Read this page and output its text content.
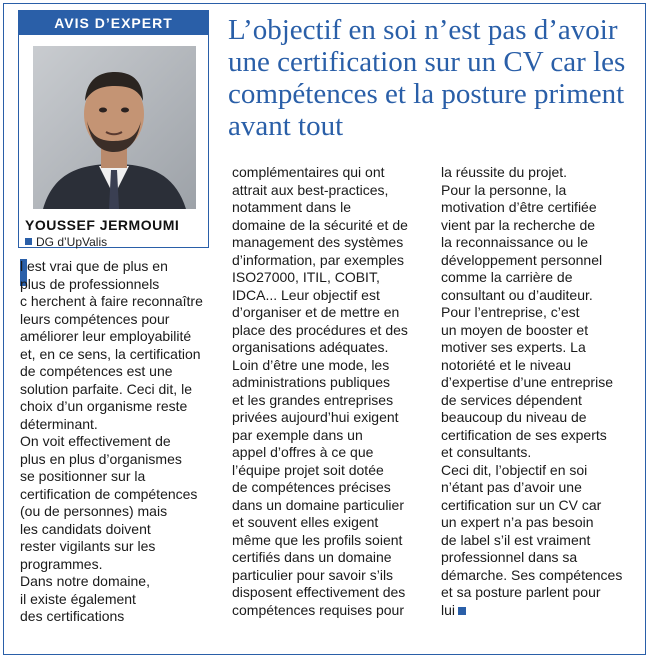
AVIS D’EXPERT
YOUSSEF JERMOUMI
DG d’UpValis
L’objectif en soi n’est pas d’avoir une certification sur un CV car les compétences et la posture priment avant tout
l est vrai que de plus en
plus de professionnels
c herchent à faire reconnaître
leurs compétences pour
améliorer leur employabilité
et, en ce sens, la certification
de compétences est une
solution parfaite. Ceci dit, le
choix d’un organisme reste
déterminant.
On voit effectivement de
plus en plus d’organismes
se positionner sur la
certification de compétences
(ou de personnes) mais
les candidats doivent
rester vigilants sur les
programmes.
Dans notre domaine,
il existe également
des certifications
complémentaires qui ont
attrait aux best-practices,
notamment dans le
domaine de la sécurité et de
management des systèmes
d’information, par exemples
ISO27000, ITIL, COBIT,
IDCA... Leur objectif est
d’organiser et de mettre en
place des procédures et des
organisations adéquates.
Loin d’être une mode, les
administrations publiques
et les grandes entreprises
privées aujourd’hui exigent
par exemple dans un
appel d’offres à ce que
l’équipe projet soit dotée
de compétences précises
dans un domaine particulier
et souvent elles exigent
même que les profils soient
certifiés dans un domaine
particulier pour savoir s’ils
disposent effectivement des
compétences requises pour
la réussite du projet.
Pour la personne, la
motivation d’être certifiée
vient par la recherche de
la reconnaissance ou le
développement personnel
comme la carrière de
consultant ou d’auditeur.
Pour l’entreprise, c’est
un moyen de booster et
motiver ses experts. La
notoriété et le niveau
d’expertise d’une entreprise
de services dépendent
beaucoup du niveau de
certification de ses experts
et consultants.
Ceci dit, l’objectif en soi
n’étant pas d’avoir une
certification sur un CV car
un expert n’a pas besoin
de label s’il est vraiment
professionnel dans sa
démarche. Ses compétences
et sa posture parlent pour
lui
